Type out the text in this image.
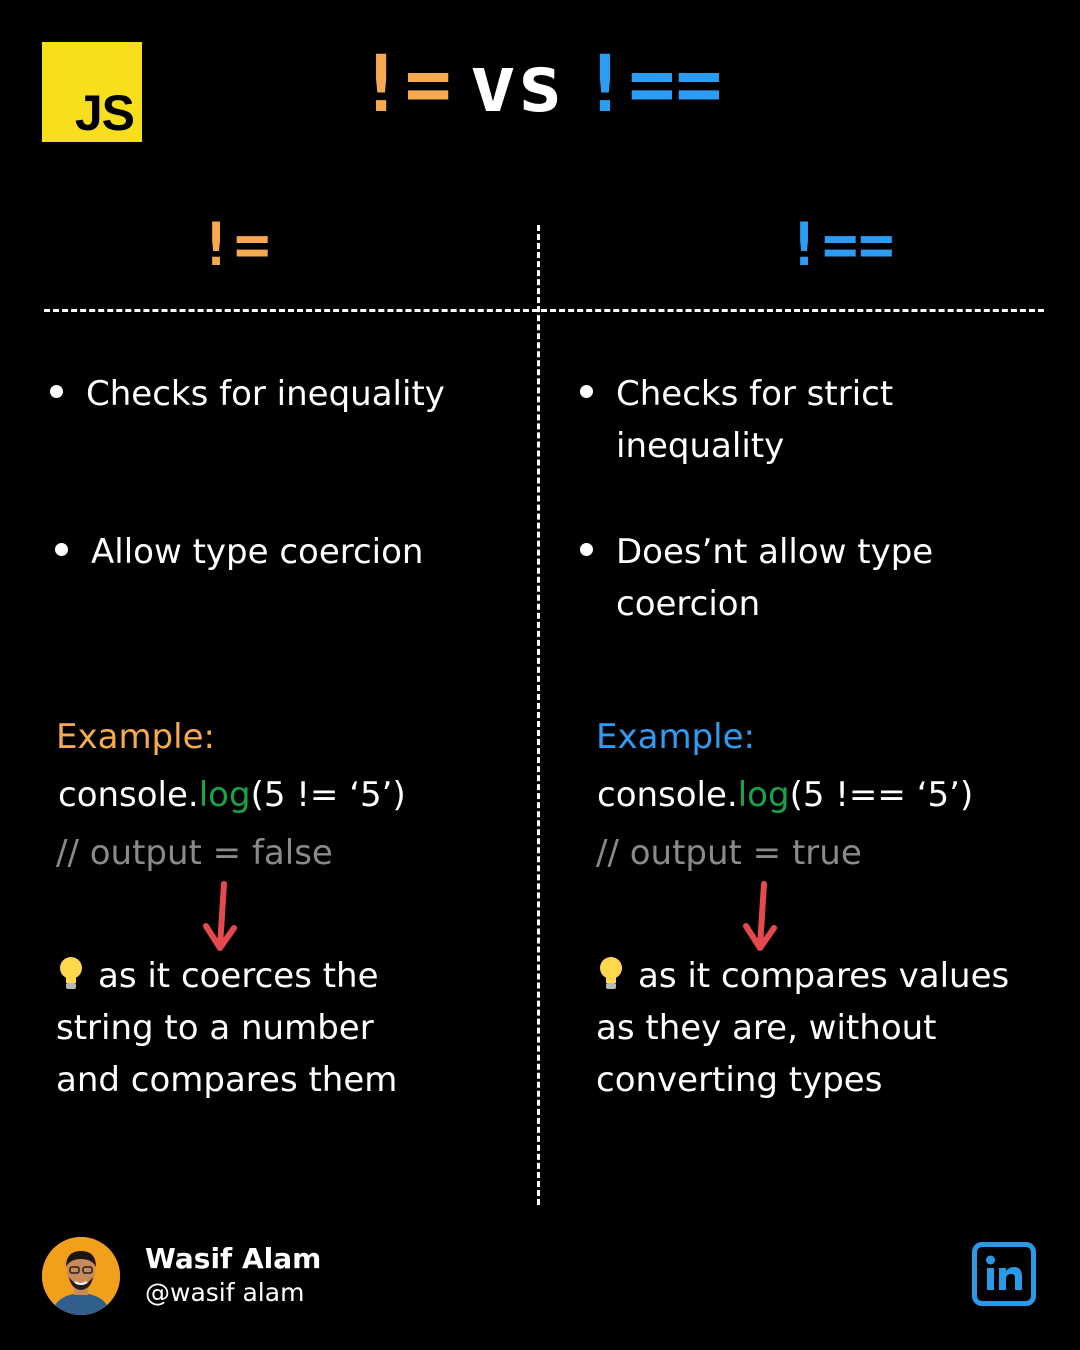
JS	!= vs !==
!=	!==
Checks for inequality
Allow type coercion
Checks for strict
inequality
Does’nt allow type
coercion
Example:
console.log(5 != ‘5’)
// output = false
Example:
console.log(5 !== ‘5’)
// output = true
as it coerces the
string to a number
and compares them
as it compares values
as they are, without
converting types
Wasif Alam
@wasif alam
